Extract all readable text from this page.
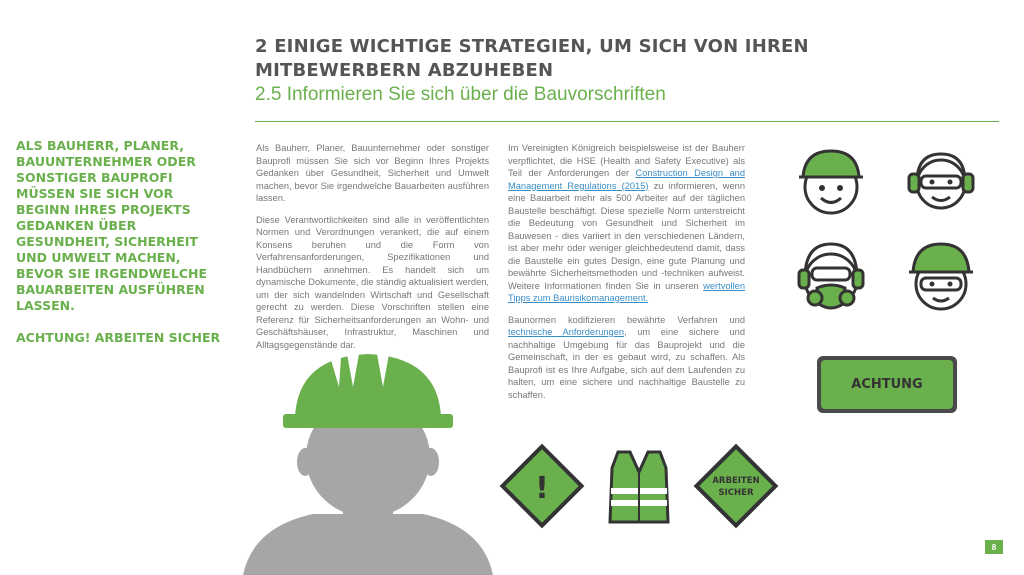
2 EINIGE WICHTIGE STRATEGIEN, UM SICH VON IHREN MITBEWERBERN ABZUHEBEN
2.5 Informieren Sie sich über die Bauvorschriften

ALS BAUHERR, PLANER, BAUUNTERNEHMER ODER SONSTIGER BAUPROFI MÜSSEN SIE SICH VOR BEGINN IHRES PROJEKTS GEDANKEN ÜBER GESUNDHEIT, SICHERHEIT UND UMWELT MACHEN, BEVOR SIE IRGENDWELCHE BAUARBEITEN AUSFÜHREN LASSEN.

ACHTUNG! ARBEITEN SICHER

Als Bauherr, Planer, Bauunternehmer oder sonstiger Bauprofi müssen Sie sich vor Beginn Ihres Projekts Gedanken über Gesundheit, Sicherheit und Umwelt machen, bevor Sie irgendwelche Bauarbeiten ausführen lassen.

Diese Verantwortlichkeiten sind alle in veröffentlichten Normen und Verordnungen verankert, die auf einem Konsens beruhen und die Form von Verfahrensanforderungen, Spezifikationen und Handbüchern annehmen. Es handelt sich um dynamische Dokumente, die ständig aktualisiert werden, um der sich wandelnden Wirtschaft und Gesellschaft gerecht zu werden. Diese Vorschriften stellen eine Referenz für Sicherheitsanforderungen an Wohn- und Geschäftshäuser, Infrastruktur, Maschinen und Alltagsgegenstände dar.

Im Vereinigten Königreich beispielsweise ist der Bauherr verpflichtet, die HSE (Health and Safety Executive) als Teil der Anforderungen der Construction Design and Management Regulations (2015) zu informieren, wenn eine Bauarbeit mehr als 500 Arbeiter auf der täglichen Baustelle beschäftigt. Diese spezielle Norm unterstreicht die Bedeutung von Gesundheit und Sicherheit im Bauwesen - dies variiert in den verschiedenen Ländern, ist aber mehr oder weniger gleichbedeutend damit, dass die Baustelle ein gutes Design, eine gute Planung und bewährte Sicherheitsmethoden und -techniken aufweist. Weitere Informationen finden Sie in unseren wertvollen Tipps zum Baurisikomanagement.

Baunormen kodifizieren bewährte Verfahren und technische Anforderungen, um eine sichere und nachhaltige Umgebung für das Bauprojekt und die Gemeinschaft, in der es gebaut wird, zu schaffen. Als Bauprofi ist es Ihre Aufgabe, sich auf dem Laufenden zu halten, um eine sichere und nachhaltige Baustelle zu schaffen.

ACHTUNG
!	ARBEITEN
SICHER
8
